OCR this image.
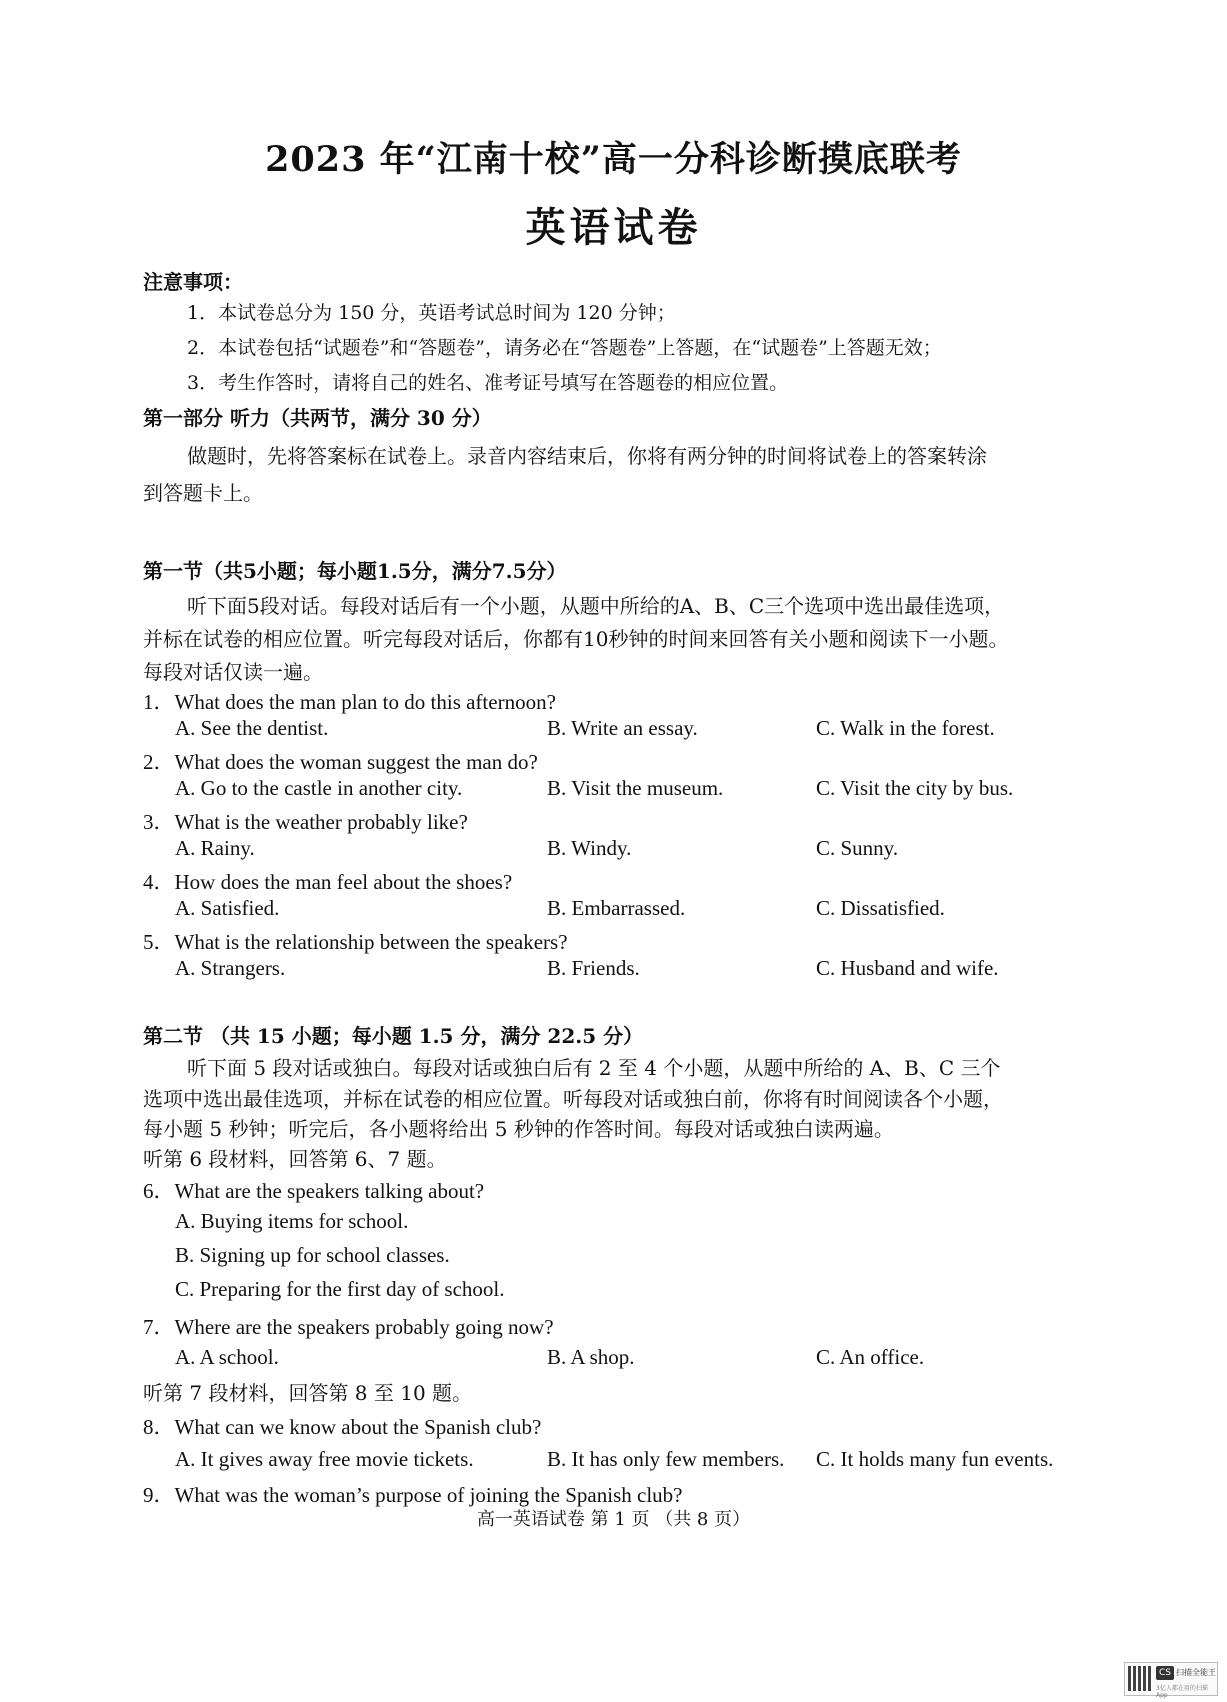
2023 年“江南十校”高一分科诊断摸底联考
英语试卷
注意事项：
1．本试卷总分为 150 分，英语考试总时间为 120 分钟；
2．本试卷包括“试题卷”和“答题卷”，请务必在“答题卷”上答题，在“试题卷”上答题无效；
3．考生作答时，请将自己的姓名、准考证号填写在答题卷的相应位置。
第一部分 听力（共两节，满分 30 分）
做题时，先将答案标在试卷上。录音内容结束后，你将有两分钟的时间将试卷上的答案转涂
到答题卡上。
第一节（共5小题；每小题1.5分，满分7.5分）
听下面5段对话。每段对话后有一个小题，从题中所给的A、B、C三个选项中选出最佳选项，
并标在试卷的相应位置。听完每段对话后，你都有10秒钟的时间来回答有关小题和阅读下一小题。
每段对话仅读一遍。
1．What does the man plan to do this afternoon?
A. See the dentist.	B. Write an essay.	C. Walk in the forest.
2．What does the woman suggest the man do?
A. Go to the castle in another city.	B. Visit the museum.	C. Visit the city by bus.
3．What is the weather probably like?
A. Rainy.	B. Windy.	C. Sunny.
4．How does the man feel about the shoes?
A. Satisfied.	B. Embarrassed.	C. Dissatisfied.
5．What is the relationship between the speakers?
A. Strangers.	B. Friends.	C. Husband and wife.
第二节 （共 15 小题；每小题 1.5 分，满分 22.5 分）
听下面 5 段对话或独白。每段对话或独白后有 2 至 4 个小题，从题中所给的 A、B、C 三个
选项中选出最佳选项，并标在试卷的相应位置。听每段对话或独白前，你将有时间阅读各个小题，
每小题 5 秒钟；听完后，各小题将给出 5 秒钟的作答时间。每段对话或独白读两遍。
听第 6 段材料，回答第 6、7 题。
6．What are the speakers talking about?
A. Buying items for school.
B. Signing up for school classes.
C. Preparing for the first day of school.
7．Where are the speakers probably going now?
A. A school.	B. A shop.	C. An office.
听第 7 段材料，回答第 8 至 10 题。
8．What can we know about the Spanish club?
A. It gives away free movie tickets.	B. It has only few members. C. It holds many fun events.
9．What was the woman’s purpose of joining the Spanish club?
高一英语试卷 第 1 页 （共 8 页）
CS 扫描全能王
3亿人都在用的扫描App
